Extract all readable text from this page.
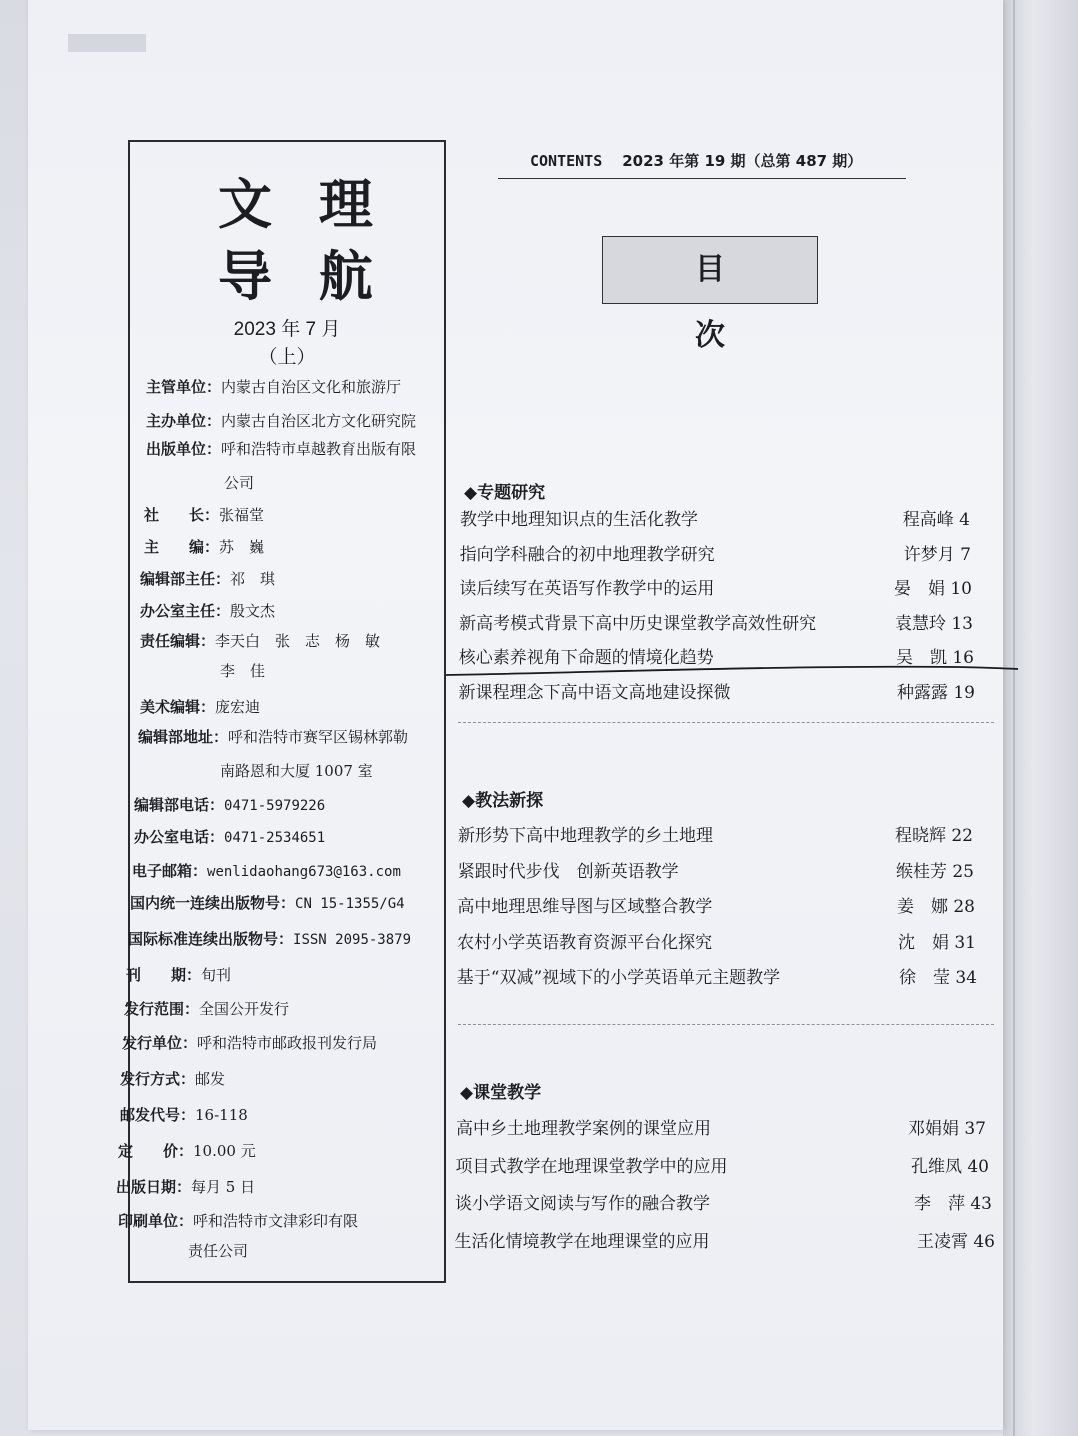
文 理
导 航
2023 年 7 月
（上）
主管单位：内蒙古自治区文化和旅游厅
主办单位：内蒙古自治区北方文化研究院
出版单位：呼和浩特市卓越教育出版有限
公司
社　　长：张福堂
主　　编：苏　巍
编辑部主任：祁　琪
办公室主任：殷文杰
责任编辑：李天白　张　志　杨　敏
李　佳
美术编辑：庞宏迪
编辑部地址：呼和浩特市赛罕区锡林郭勒
南路恩和大厦 1007 室
编辑部电话：0471-5979226
办公室电话：0471-2534651
电子邮箱：wenlidaohang673@163.com
国内统一连续出版物号：CN 15-1355/G4
国际标准连续出版物号：ISSN 2095-3879
刊　　期：旬刊
发行范围：全国公开发行
发行单位：呼和浩特市邮政报刊发行局
发行方式：邮发
邮发代号：16-118
定　　价：10.00 元
出版日期：每月 5 日
印刷单位：呼和浩特市文津彩印有限
责任公司
CONTENTS 2023 年第 19 期（总第 487 期）
目次
◆专题研究
教学中地理知识点的生活化教学	程高峰 4
指向学科融合的初中地理教学研究	许梦月 7
读后续写在英语写作教学中的运用	晏　娟 10
新高考模式背景下高中历史课堂教学高效性研究	袁慧玲 13
核心素养视角下命题的情境化趋势	吴　凯 16
新课程理念下高中语文高地建设探微	种露露 19
◆教法新探
新形势下高中地理教学的乡土地理	程晓辉 22
紧跟时代步伐　创新英语教学	缑桂芳 25
高中地理思维导图与区域整合教学	姜　娜 28
农村小学英语教育资源平台化探究	沈　娟 31
基于“双减”视域下的小学英语单元主题教学	徐　莹 34
◆课堂教学
高中乡土地理教学案例的课堂应用	邓娟娟 37
项目式教学在地理课堂教学中的应用	孔维凤 40
谈小学语文阅读与写作的融合教学	李　萍 43
生活化情境教学在地理课堂的应用	王凌霄 46
